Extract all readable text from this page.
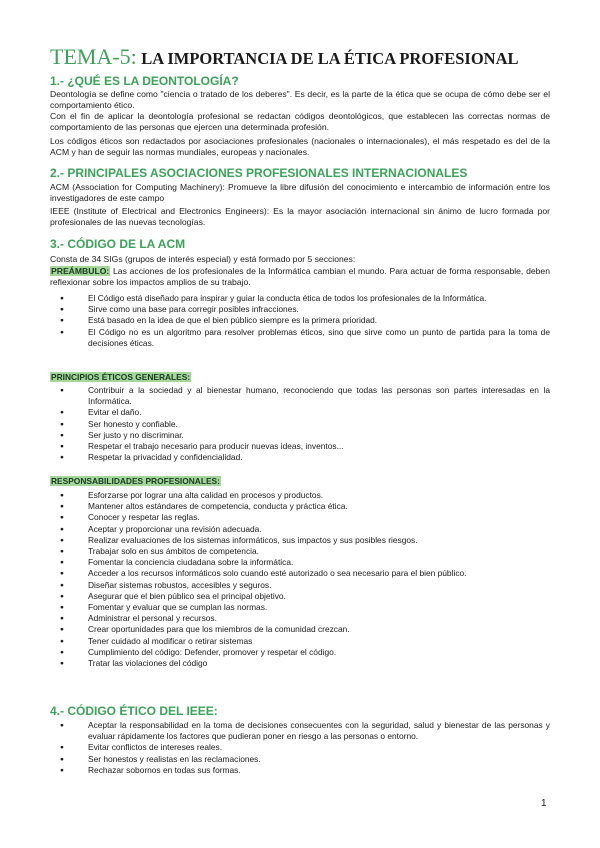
TEMA-5: LA IMPORTANCIA DE LA ÉTICA PROFESIONAL
1.- ¿QUÉ ES LA DEONTOLOGÍA?
Deontología se define como "ciencia o tratado de los deberes". Es decir, es la parte de la ética que se ocupa de cómo debe ser el comportamiento ético.
Con el fin de aplicar la deontología profesional se redactan códigos deontológicos, que establecen las correctas normas de comportamiento de las personas que ejercen una determinada profesión.
Los códigos éticos son redactados por asociaciones profesionales (nacionales o internacionales), el más respetado es del de la ACM y han de seguir las normas mundiales, europeas y nacionales.
2.- PRINCIPALES ASOCIACIONES PROFESIONALES INTERNACIONALES
ACM (Association for Computing Machinery): Promueve la libre difusión del conocimiento e intercambio de información entre los investigadores de este campo
IEEE (Institute of Electrical and Electronics Engineers): Es la mayor asociación internacional sin ánimo de lucro formada por profesionales de las nuevas tecnologías.
3.- CÓDIGO DE LA ACM
Consta de 34 SIGs (grupos de interés especial) y está formado por 5 secciones:
PREÁMBULO: Las acciones de los profesionales de la Informática cambian el mundo. Para actuar de forma responsable, deben reflexionar sobre los impactos amplios de su trabajo.
● El Código está diseñado para inspirar y guiar la conducta ética de todos los profesionales de la Informática.
● Sirve como una base para corregir posibles infracciones.
● Está basado en la idea de que el bien público siempre es la primera prioridad.
● El Código no es un algoritmo para resolver problemas éticos, sino que sirve como un punto de partida para la toma de decisiones éticas.
PRINCIPIOS ÉTICOS GENERALES:
● Contribuir a la sociedad y al bienestar humano, reconociendo que todas las personas son partes interesadas en la Informática.
● Evitar el daño.
● Ser honesto y confiable.
● Ser justo y no discriminar.
● Respetar el trabajo necesario para producir nuevas ideas, inventos...
● Respetar la privacidad y confidencialidad.
RESPONSABILIDADES PROFESIONALES:
● Esforzarse por lograr una alta calidad en procesos y productos.
● Mantener altos estándares de competencia, conducta y práctica ética.
● Conocer y respetar las reglas.
● Aceptar y proporcionar una revisión adecuada.
● Realizar evaluaciones de los sistemas informáticos, sus impactos y sus posibles riesgos.
● Trabajar solo en sus ámbitos de competencia.
● Fomentar la conciencia ciudadana sobre la informática.
● Acceder a los recursos informáticos solo cuando esté autorizado o sea necesario para el bien público.
● Diseñar sistemas robustos, accesibles y seguros.
● Asegurar que el bien público sea el principal objetivo.
● Fomentar y evaluar que se cumplan las normas.
● Administrar el personal y recursos.
● Crear oportunidades para que los miembros de la comunidad crezcan.
● Tener cuidado al modificar o retirar sistemas
● Cumplimiento del código: Defender, promover y respetar el código.
● Tratar las violaciones del código
4.- CÓDIGO ÉTICO DEL IEEE:
● Aceptar la responsabilidad en la toma de decisiones consecuentes con la seguridad, salud y bienestar de las personas y evaluar rápidamente los factores que pudieran poner en riesgo a las personas o entorno.
● Evitar conflictos de intereses reales.
● Ser honestos y realistas en las reclamaciones.
● Rechazar sobornos en todas sus formas.
1
